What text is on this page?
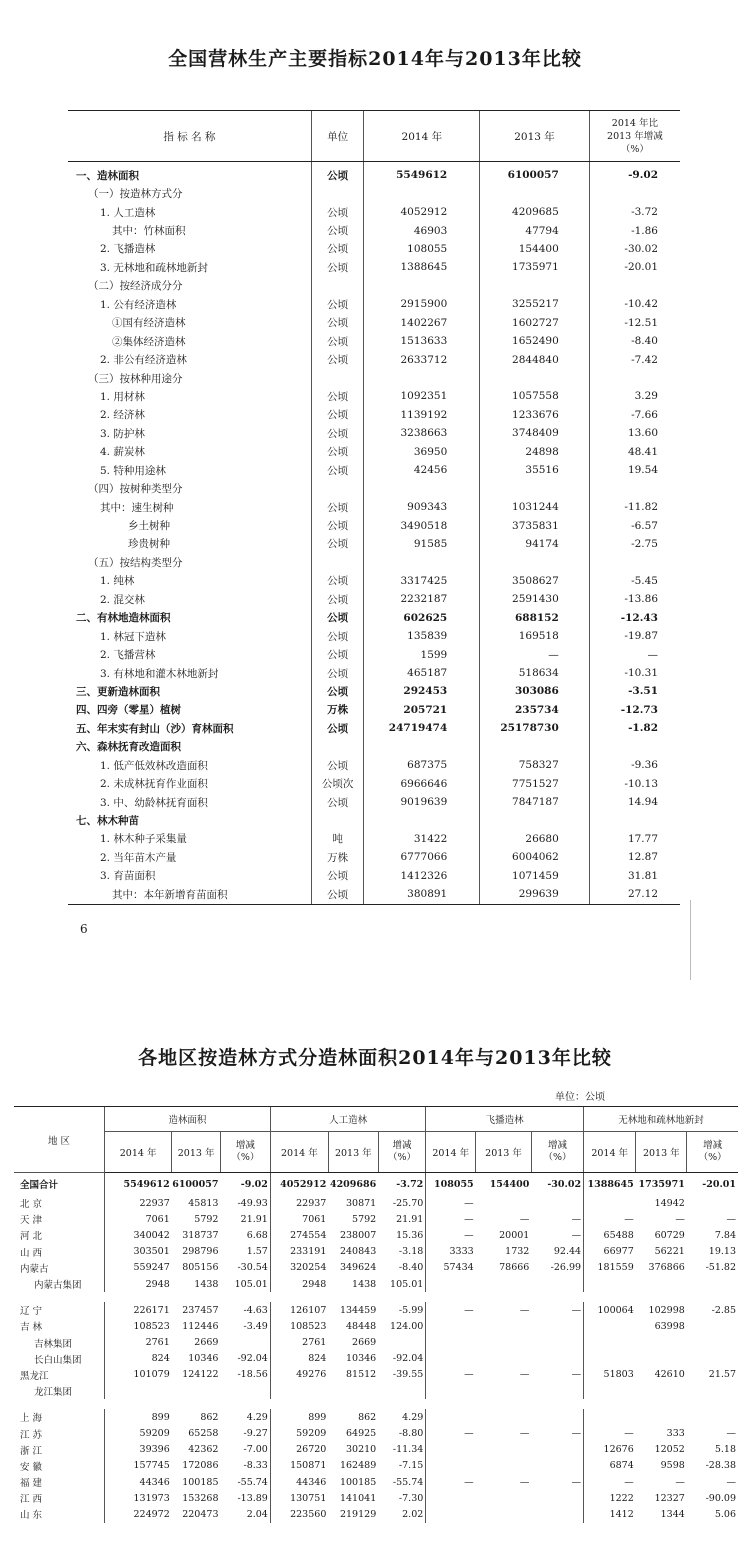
全国营林生产主要指标2014年与2013年比较
指 标 名 称	单位	2014 年	2013 年	2014 年比
2013 年增减
（%）
一、造林面积	公顷	5549612	6100057	-9.02
（一）按造林方式分				
1. 人工造林	公顷	4052912	4209685	-3.72
其中：竹林面积	公顷	46903	47794	-1.86
2. 飞播造林	公顷	108055	154400	-30.02
3. 无林地和疏林地新封	公顷	1388645	1735971	-20.01
（二）按经济成分分				
1. 公有经济造林	公顷	2915900	3255217	-10.42
①国有经济造林	公顷	1402267	1602727	-12.51
②集体经济造林	公顷	1513633	1652490	-8.40
2. 非公有经济造林	公顷	2633712	2844840	-7.42
（三）按林种用途分				
1. 用材林	公顷	1092351	1057558	3.29
2. 经济林	公顷	1139192	1233676	-7.66
3. 防护林	公顷	3238663	3748409	13.60
4. 薪炭林	公顷	36950	24898	48.41
5. 特种用途林	公顷	42456	35516	19.54
（四）按树种类型分				
其中：速生树种	公顷	909343	1031244	-11.82
乡土树种	公顷	3490518	3735831	-6.57
珍贵树种	公顷	91585	94174	-2.75
（五）按结构类型分				
1. 纯林	公顷	3317425	3508627	-5.45
2. 混交林	公顷	2232187	2591430	-13.86
二、有林地造林面积	公顷	602625	688152	-12.43
1. 林冠下造林	公顷	135839	169518	-19.87
2. 飞播营林	公顷	1599	—	—
3. 有林地和灌木林地新封	公顷	465187	518634	-10.31
三、更新造林面积	公顷	292453	303086	-3.51
四、四旁（零星）植树	万株	205721	235734	-12.73
五、年末实有封山（沙）育林面积	公顷	24719474	25178730	-1.82
六、森林抚育改造面积				
1. 低产低效林改造面积	公顷	687375	758327	-9.36
2. 未成林抚育作业面积	公顷次	6966646	7751527	-10.13
3. 中、幼龄林抚育面积	公顷	9019639	7847187	14.94
七、林木种苗				
1. 林木种子采集量	吨	31422	26680	17.77
2. 当年苗木产量	万株	6777066	6004062	12.87
3. 育苗面积	公顷	1412326	1071459	31.81
其中：本年新增育苗面积	公顷	380891	299639	27.12
6
各地区按造林方式分造林面积2014年与2013年比较
单位：公顷
地 区	造林面积			人工造林			飞播造林			无林地和疏林地新封		
	2014 年	2013 年	增减
（%）	2014 年	2013 年	增减
（%）	2014 年	2013 年	增减
（%）	2014 年	2013 年	增减
（%）
全国合计	5549612	6100057	-9.02	4052912	4209686	-3.72	108055	154400	-30.02	1388645	1735971	-20.01
北 京	22937	45813	-49.93	22937	30871	-25.70	—				14942	
天 津	7061	5792	21.91	7061	5792	21.91	—	—	—	—	—	—
河 北	340042	318737	6.68	274554	238007	15.36	—	20001	—	65488	60729	7.84
山 西	303501	298796	1.57	233191	240843	-3.18	3333	1732	92.44	66977	56221	19.13
内蒙古	559247	805156	-30.54	320254	349624	-8.40	57434	78666	-26.99	181559	376866	-51.82
内蒙古集团	2948	1438	105.01	2948	1438	105.01						

辽 宁	226171	237457	-4.63	126107	134459	-5.99	—	—	—	100064	102998	-2.85
吉 林	108523	112446	-3.49	108523	48448	124.00					63998	
吉林集团	2761	2669		2761	2669							
长白山集团	824	10346	-92.04	824	10346	-92.04						
黑龙江	101079	124122	-18.56	49276	81512	-39.55	—	—	—	51803	42610	21.57
龙江集团												

上 海	899	862	4.29	899	862	4.29						
江 苏	59209	65258	-9.27	59209	64925	-8.80	—	—	—	—	333	—
浙 江	39396	42362	-7.00	26720	30210	-11.34				12676	12052	5.18
安 徽	157745	172086	-8.33	150871	162489	-7.15				6874	9598	-28.38
福 建	44346	100185	-55.74	44346	100185	-55.74	—	—	—	—	—	—
江 西	131973	153268	-13.89	130751	141041	-7.30				1222	12327	-90.09
山 东	224972	220473	2.04	223560	219129	2.02				1412	1344	5.06
